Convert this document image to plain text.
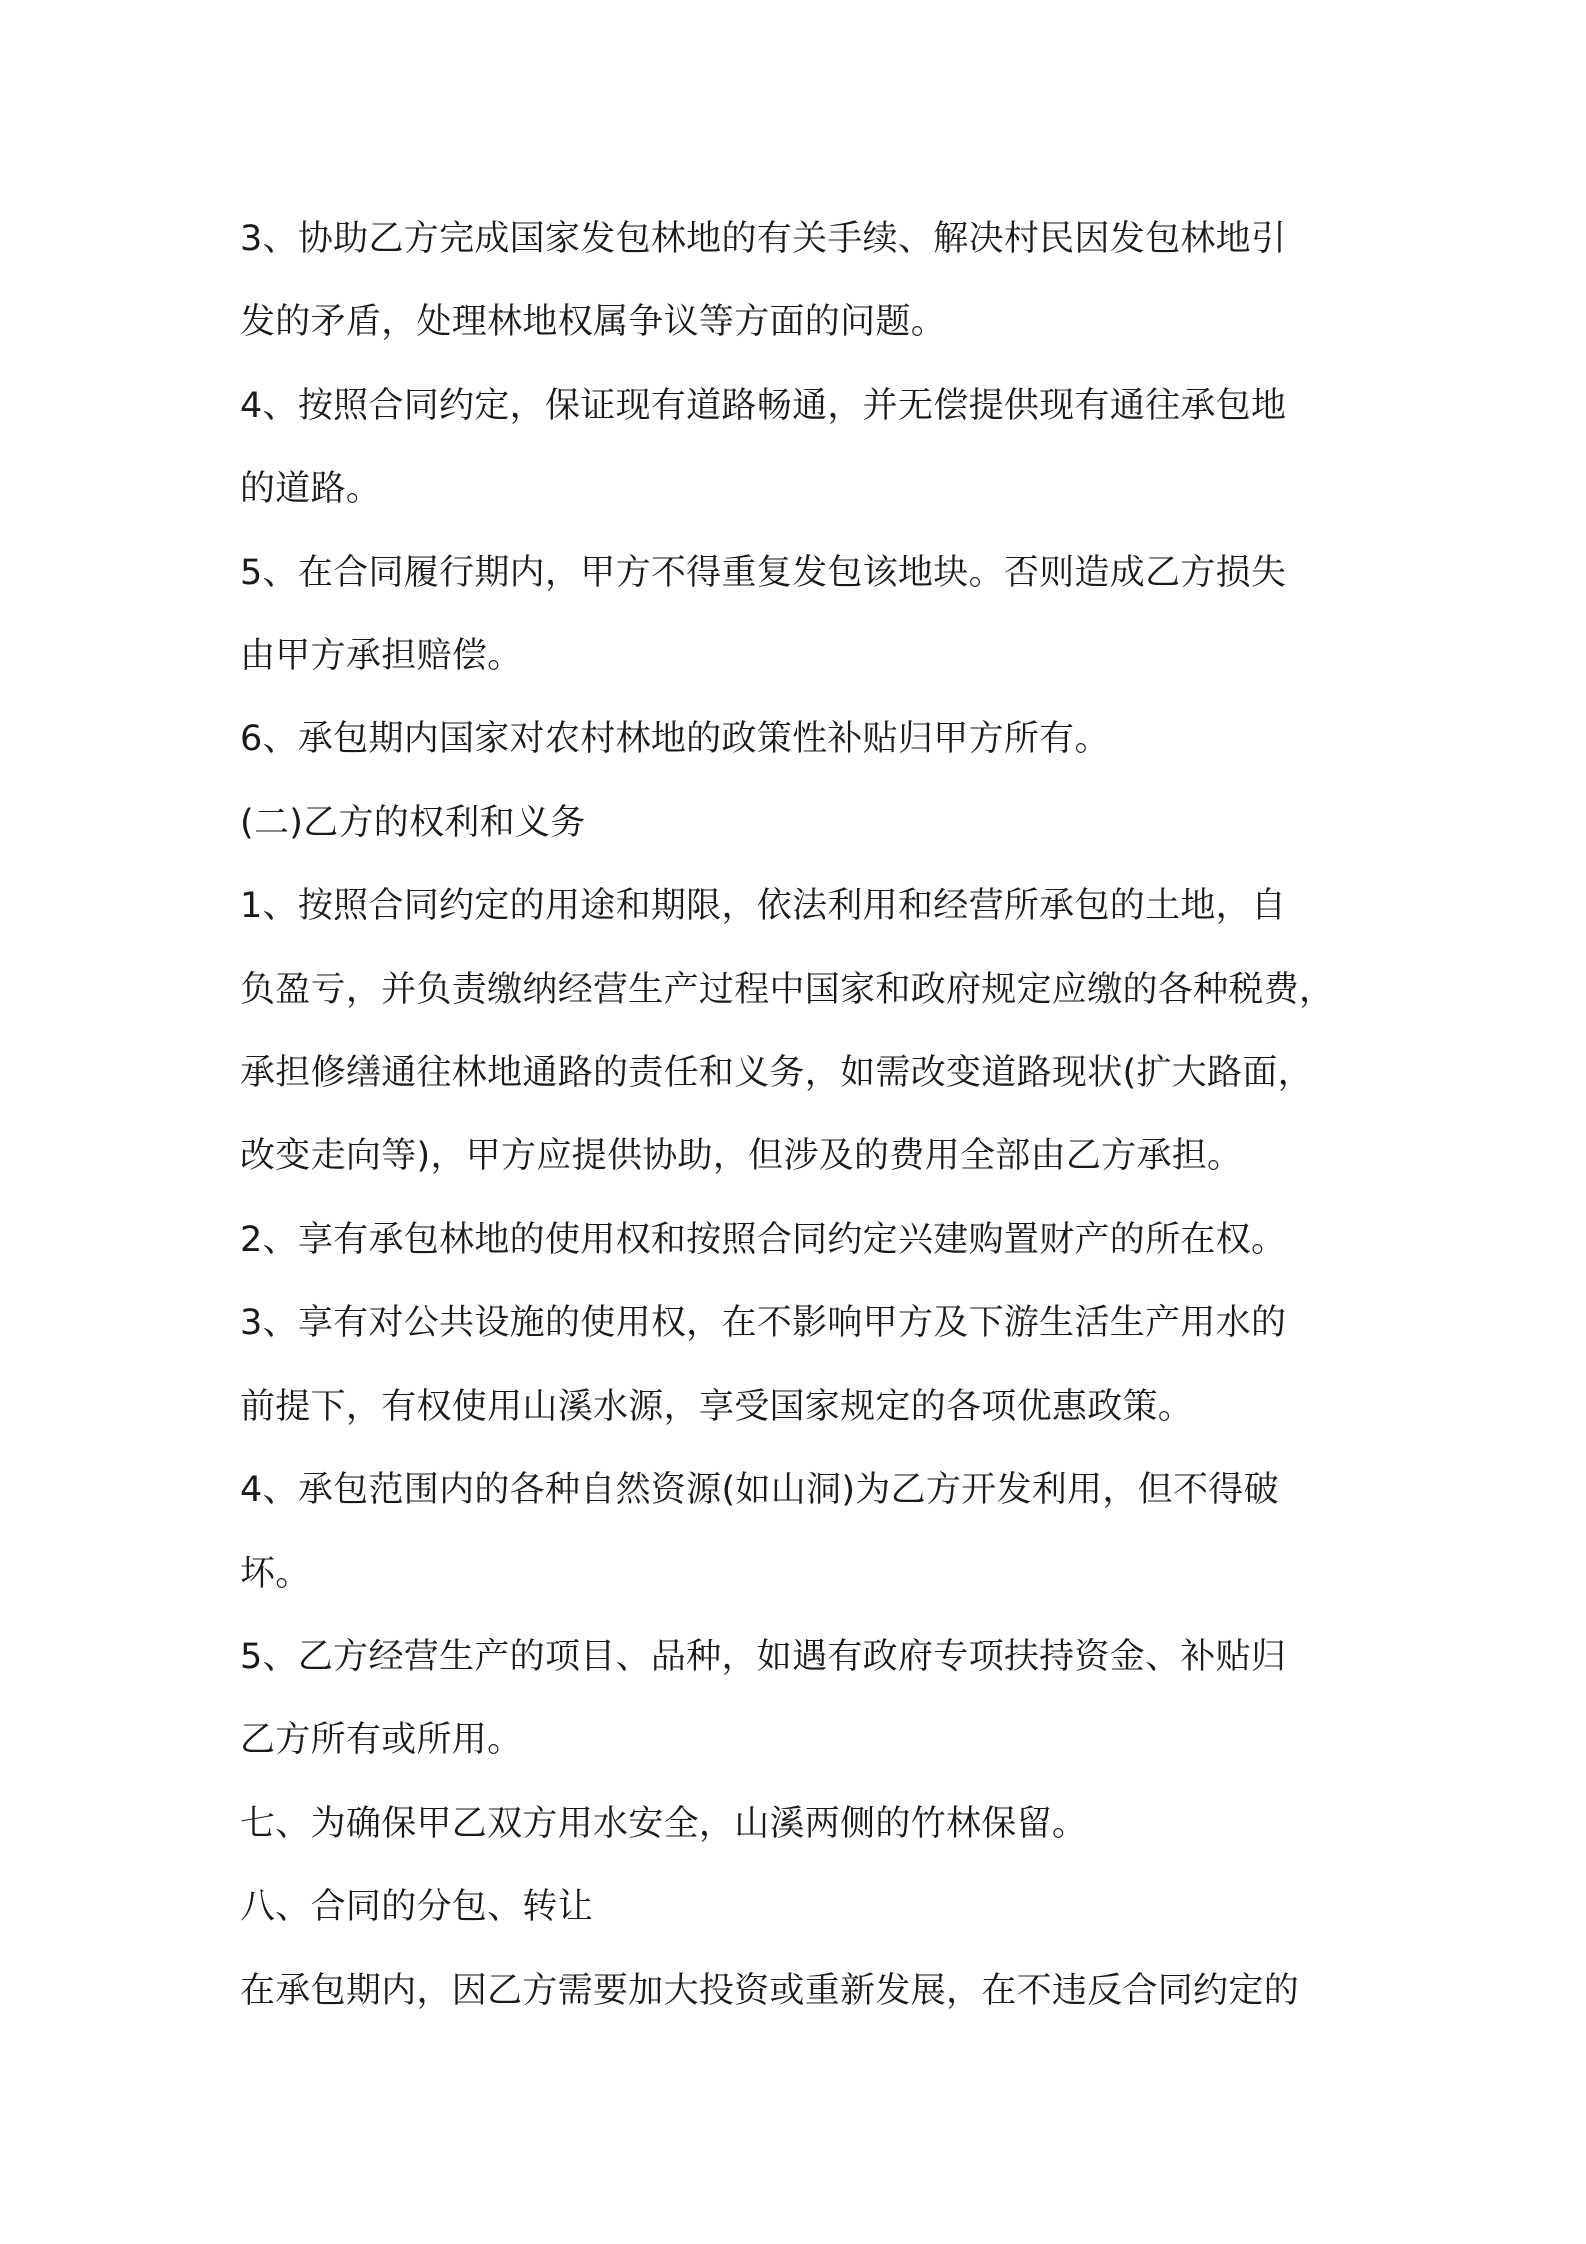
3、协助乙方完成国家发包林地的有关手续、解决村民因发包林地引

发的矛盾，处理林地权属争议等方面的问题。

4、按照合同约定，保证现有道路畅通，并无偿提供现有通往承包地

的道路。

5、在合同履行期内，甲方不得重复发包该地块。否则造成乙方损失

由甲方承担赔偿。

6、承包期内国家对农村林地的政策性补贴归甲方所有。

(二)乙方的权利和义务

1、按照合同约定的用途和期限，依法利用和经营所承包的土地，自

负盈亏，并负责缴纳经营生产过程中国家和政府规定应缴的各种税费，

承担修缮通往林地通路的责任和义务，如需改变道路现状(扩大路面，

改变走向等)，甲方应提供协助，但涉及的费用全部由乙方承担。

2、享有承包林地的使用权和按照合同约定兴建购置财产的所在权。

3、享有对公共设施的使用权，在不影响甲方及下游生活生产用水的

前提下，有权使用山溪水源，享受国家规定的各项优惠政策。

4、承包范围内的各种自然资源(如山洞)为乙方开发利用，但不得破

坏。

5、乙方经营生产的项目、品种，如遇有政府专项扶持资金、补贴归

乙方所有或所用。

七、为确保甲乙双方用水安全，山溪两侧的竹林保留。

八、合同的分包、转让

在承包期内，因乙方需要加大投资或重新发展，在不违反合同约定的
